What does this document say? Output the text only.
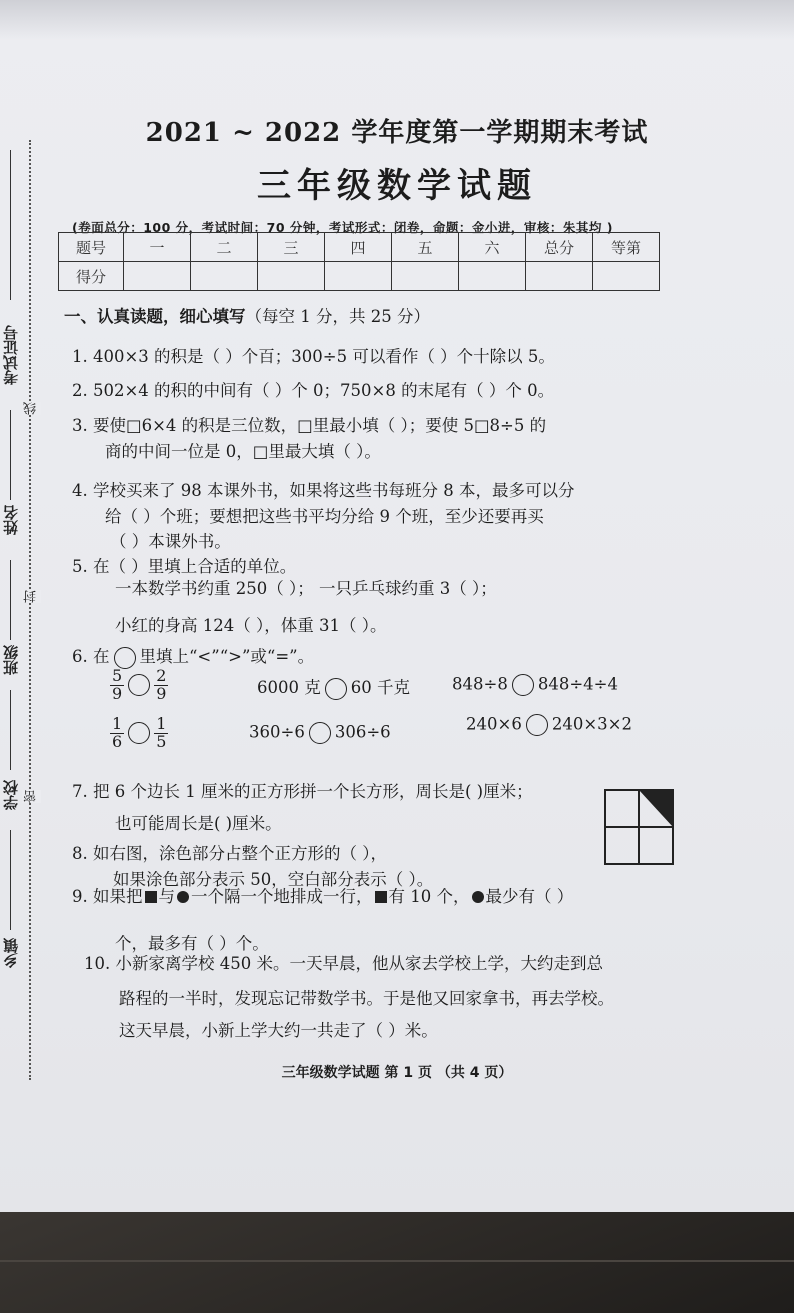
考试证号
姓名
班级
学校
乡镇
线
封
密
2021 ~ 2022 学年度第一学期期末考试
三年级数学试题
(卷面总分：100 分，考试时间：70 分钟，考试形式：闭卷，命题：金小进，审核：朱其均 )
题号	一	二	三	四	五	六	总分	等第
得分								
一、认真读题，细心填写（每空 1 分，共 25 分）
1. 400×3 的积是（ ）个百；300÷5 可以看作（ ）个十除以 5。
2. 502×4 的积的中间有（ ）个 0；750×8 的末尾有（ ）个 0。
3. 要使□6×4 的积是三位数，□里最小填（ ）；要使 5□8÷5 的
商的中间一位是 0，□里最大填（ ）。
4. 学校买来了 98 本课外书，如果将这些书每班分 8 本，最多可以分
给（ ）个班；要想把这些书平均分给 9 个班，至少还要再买
（ ）本课外书。
5. 在（ ）里填上合适的单位。
一本数学书约重 250（ ）； 一只乒乓球约重 3（ ）；
小红的身高 124（ ），体重 31（ ）。
6. 在 里填上“<”“>”或“=”。
$\frac{5}{9} \frac{2}{9}$	6000 克 60 千克	848÷8 848÷4÷4
$\frac{1}{6} \frac{1}{5}$	360÷6 306÷6	240×6 240×3×2
7. 把 6 个边长 1 厘米的正方形拼一个长方形，周长是( )厘米；
也可能周长是( )厘米。
8. 如右图，涂色部分占整个正方形的（ ），
如果涂色部分表示 50，空白部分表示（ ）。
9. 如果把 与 一个隔一个地排成一行， 有 10 个， 最少有（ ）
个，最多有（ ）个。
10. 小新家离学校 450 米。一天早晨，他从家去学校上学，大约走到总
路程的一半时，发现忘记带数学书。于是他又回家拿书，再去学校。
这天早晨，小新上学大约一共走了（ ）米。
三年级数学试题 第 1 页 （共 4 页）
